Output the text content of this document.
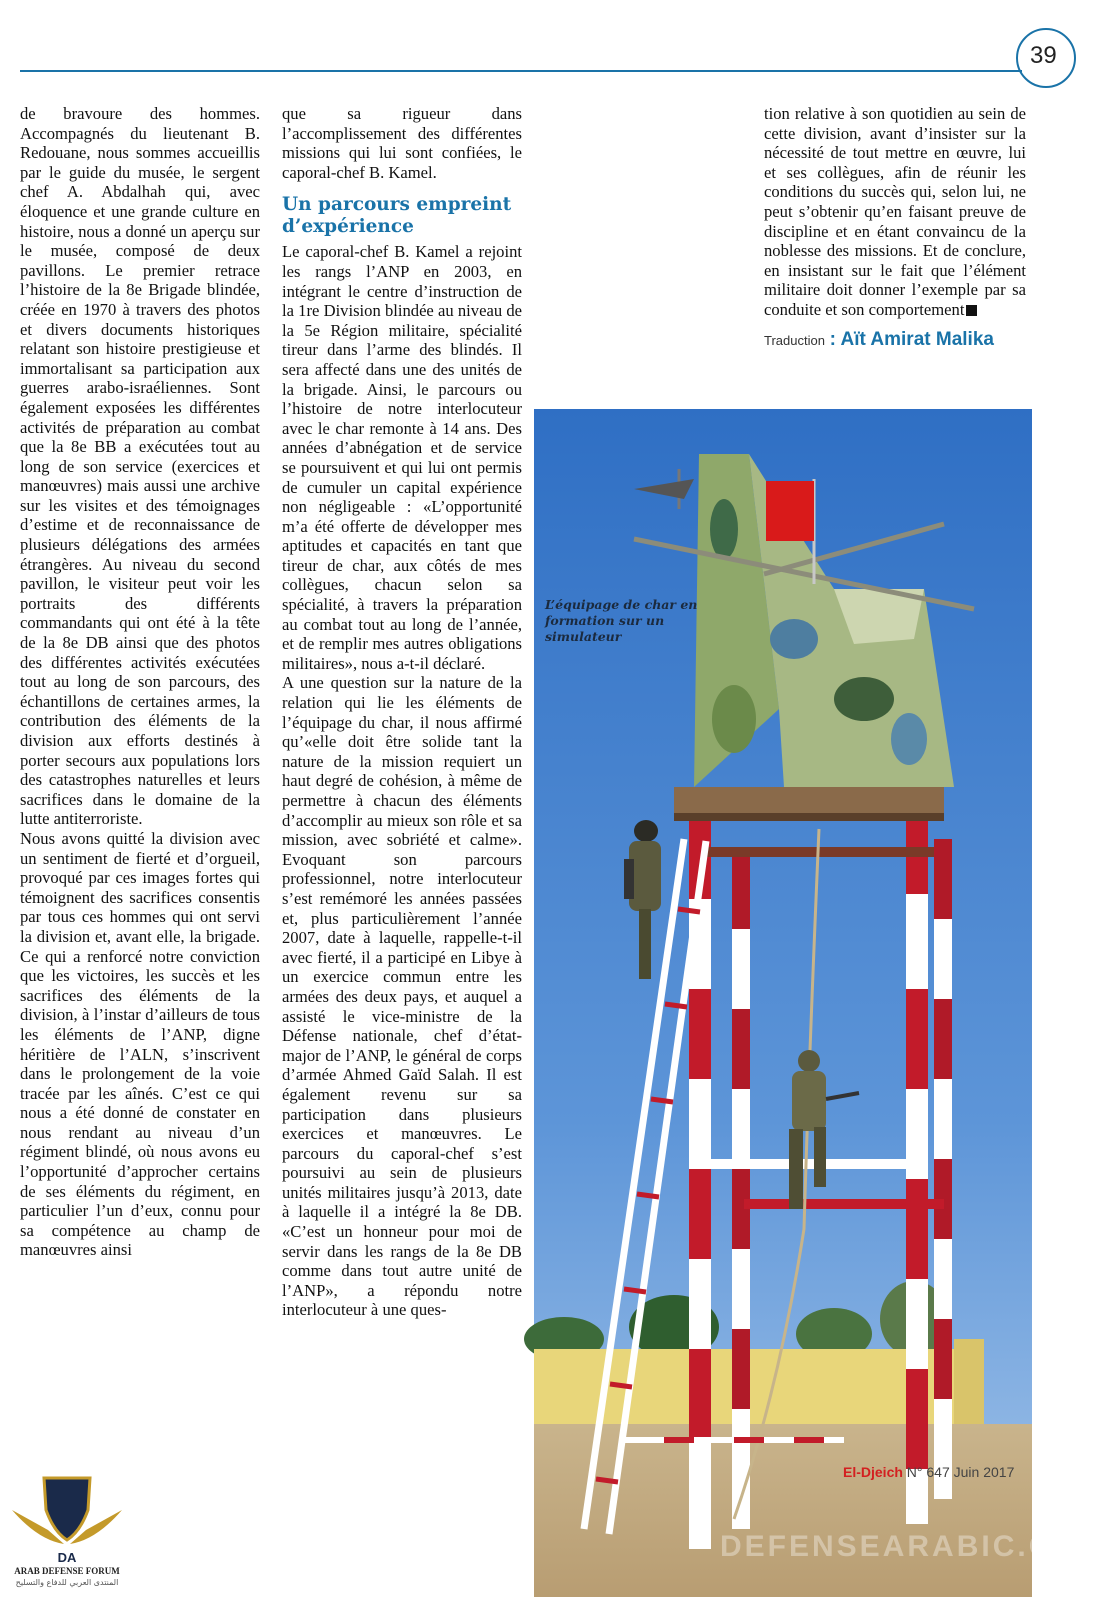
39

de bravoure des hommes. Accompagnés du lieutenant B. Redouane, nous sommes accueillis par le guide du musée, le sergent chef A. Abdalhah qui, avec éloquence et une grande culture en histoire, nous a donné un aperçu sur le musée, composé de deux pavillons. Le premier retrace l’histoire de la 8e Brigade blindée, créée en 1970 à travers des photos et divers documents historiques relatant son histoire prestigieuse et immortalisant sa participation aux guerres arabo-israéliennes. Sont également exposées les différentes activités de préparation au combat que la 8e BB a exécutées tout au long de son service (exercices et manœuvres) mais aussi une archive sur les visites et des témoignages d’estime et de reconnaissance de plusieurs délégations des armées étrangères. Au niveau du second pavillon, le visiteur peut voir les portraits des différents commandants qui ont été à la tête de la 8e DB ainsi que des photos des différentes activités exécutées tout au long de son parcours, des échantillons de certaines armes, la contribution des éléments de la division aux efforts destinés à porter secours aux populations lors des catastrophes naturelles et leurs sacrifices dans le domaine de la lutte antiterroriste.

Nous avons quitté la division avec un sentiment de fierté et d’orgueil, provoqué par ces images fortes qui témoignent des sacrifices consentis par tous ces hommes qui ont servi la division et, avant elle, la brigade. Ce qui a renforcé notre conviction que les victoires, les succès et les sacrifices des éléments de la division, à l’instar d’ailleurs de tous les éléments de l’ANP, digne héritière de l’ALN, s’inscrivent dans le prolongement de la voie tracée par les aînés. C’est ce qui nous a été donné de constater en nous rendant au niveau d’un régiment blindé, où nous avons eu l’opportunité d’approcher certains de ses éléments du régiment, en particulier l’un d’eux, connu pour sa compétence au champ de manœuvres ainsi

que sa rigueur dans l’accomplissement des différentes missions qui lui sont confiées, le caporal-chef B. Kamel.

Un parcours empreint d’expérience

Le caporal-chef B. Kamel a rejoint les rangs l’ANP en 2003, en intégrant le centre d’instruction de la 1re Division blindée au niveau de la 5e Région militaire, spécialité tireur dans l’arme des blindés. Il sera affecté dans une des unités de la brigade. Ainsi, le parcours ou l’histoire de notre interlocuteur avec le char remonte à 14 ans. Des années d’abnégation et de service se poursuivent et qui lui ont permis de cumuler un capital expérience non négligeable : «L’opportunité m’a été offerte de développer mes aptitudes et capacités en tant que tireur de char, aux côtés de mes collègues, chacun selon sa spécialité, à travers la préparation au combat tout au long de l’année, et de remplir mes autres obligations militaires», nous a-t-il déclaré.

A une question sur la nature de la relation qui lie les éléments de l’équipage du char, il nous affirmé qu’«elle doit être solide tant la nature de la mission requiert un haut degré de cohésion, à même de permettre à chacun des éléments d’accomplir au mieux son rôle et sa mission, avec sobriété et calme». Evoquant son parcours professionnel, notre interlocuteur s’est remémoré les années passées et, plus particulièrement l’année 2007, date à laquelle, rappelle-t-il avec fierté, il a participé en Libye à un exercice commun entre les armées des deux pays, et auquel a assisté le vice-ministre de la Défense nationale, chef d’état-major de l’ANP, le général de corps d’armée Ahmed Gaïd Salah. Il est également revenu sur sa participation dans plusieurs exercices et manœuvres. Le parcours du caporal-chef s’est poursuivi au sein de plusieurs unités militaires jusqu’à 2013, date à laquelle il a intégré la 8e DB. «C’est un honneur pour moi de servir dans les rangs de la 8e DB comme dans tout autre unité de l’ANP», a répondu notre interlocuteur à une ques-

tion relative à son quotidien au sein de cette division, avant d’insister sur la nécessité de tout mettre en œuvre, lui et ses collègues, afin de réunir les conditions du succès qui, selon lui, ne peut s’obtenir qu’en faisant preuve de discipline et en étant convaincu de la noblesse des missions. Et de conclure, en insistant sur le fait que l’élément militaire doit donner l’exemple par sa conduite et son comportement

Traduction : Aït Amirat Malika
L’équipage de char en formation sur un simulateur
El-Djeich N° 647 Juin 2017
DEFENSEARABIC.COM
DA
ARAB DEFENSE FORUM
المنتدى العربي للدفاع والتسليح
